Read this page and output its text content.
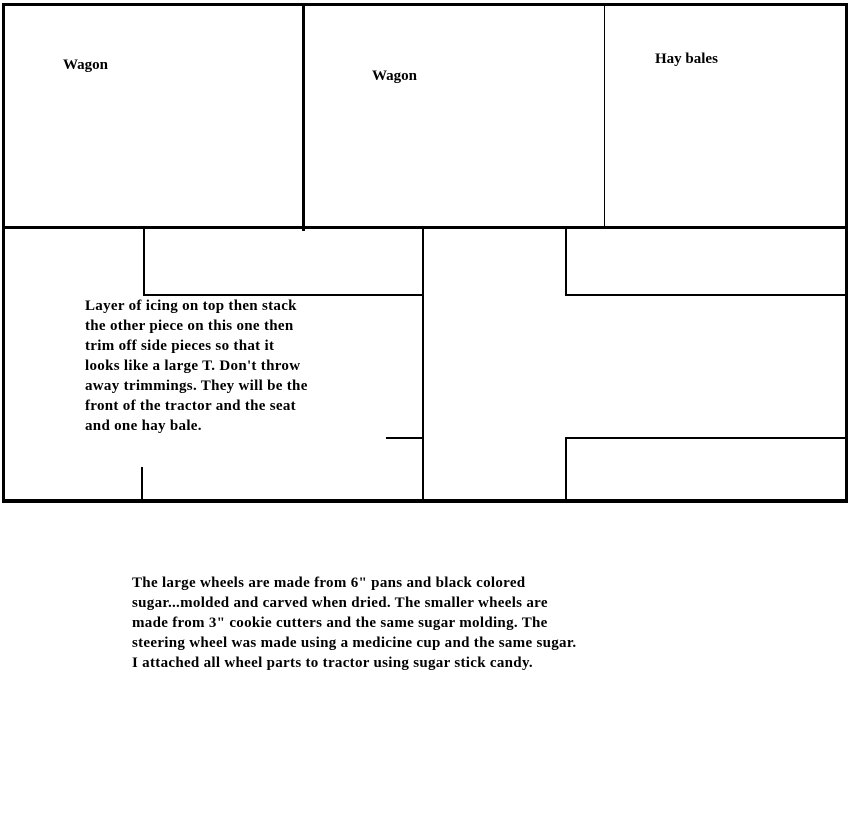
Wagon
Wagon
Hay bales
Layer of icing on top then stack
the other piece on this one then
trim off side pieces so that it
looks like a large T. Don't throw
away trimmings. They will be the
front of the tractor and the seat
and one hay bale.
The large wheels are made from 6" pans and black colored
sugar...molded and carved when dried. The smaller wheels are
made from 3" cookie cutters and the same sugar molding. The
steering wheel was made using a medicine cup and the same sugar.
I attached all wheel parts to tractor using sugar stick candy.
